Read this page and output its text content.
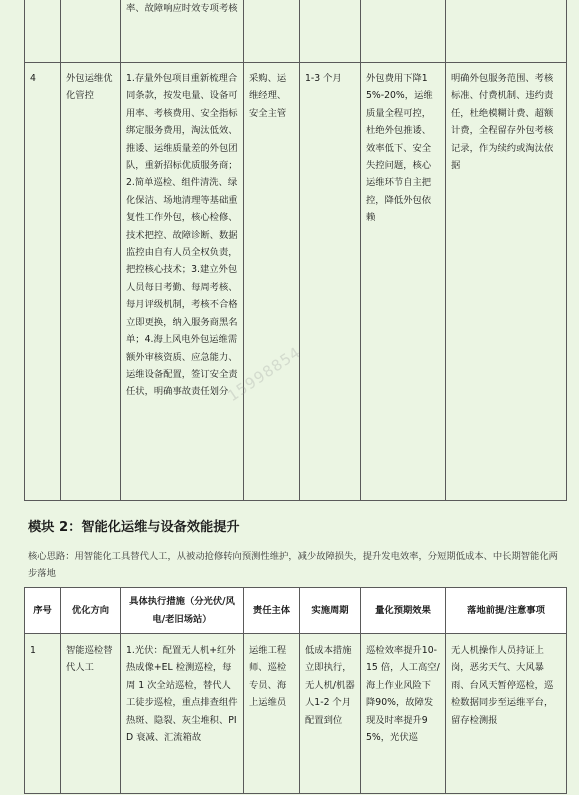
		率、故障响应时效专项考核				
4	外包运维优化管控	1.存量外包项目重新梳理合同条款，按发电量、设备可用率、考核费用、安全指标绑定服务费用，淘汰低效、推诿、运维质量差的外包团队，重新招标优质服务商；2.简单巡检、组件清洗、绿化保洁、场地清理等基础重复性工作外包，核心检修、技术把控、故障诊断、数据监控由自有人员全权负责，把控核心技术；3.建立外包人员每日考勤、每周考核、每月评级机制，考核不合格立即更换，纳入服务商黑名单；4.海上风电外包运维需额外审核资质、应急能力、运维设备配置，签订安全责任状，明确事故责任划分	采购、运维经理、安全主管	1-3 个月	外包费用下降15%-20%，运维质量全程可控，杜绝外包推诿、效率低下、安全失控问题，核心运维环节自主把控，降低外包依赖	明确外包服务范围、考核标准、付费机制、违约责任，杜绝模糊计费、超额计费，全程留存外包考核记录，作为续约或淘汰依据
15998854
模块 2：智能化运维与设备效能提升
核心思路：用智能化工具替代人工，从被动抢修转向预测性维护，减少故障损失，提升发电效率，分短期低成本、中长期智能化两步落地
序号	优化方向	具体执行措施（分光伏/风电/老旧场站）	责任主体	实施周期	量化预期效果	落地前提/注意事项
1	智能巡检替代人工	1.光伏：配置无人机+红外热成像+EL 检测巡检，每周 1 次全站巡检，替代人工徒步巡检，重点排查组件热斑、隐裂、灰尘堆积、PID 衰减、汇流箱故	运维工程师、巡检专员、海上运维员	低成本措施立即执行，无人机/机器人1-2 个月配置到位	巡检效率提升10-15 倍，人工高空/海上作业风险下降90%，故障发现及时率提升95%，光伏巡	无人机操作人员持证上岗，恶劣天气、大风暴雨、台风天暂停巡检，巡检数据同步至运维平台，留存检测报
